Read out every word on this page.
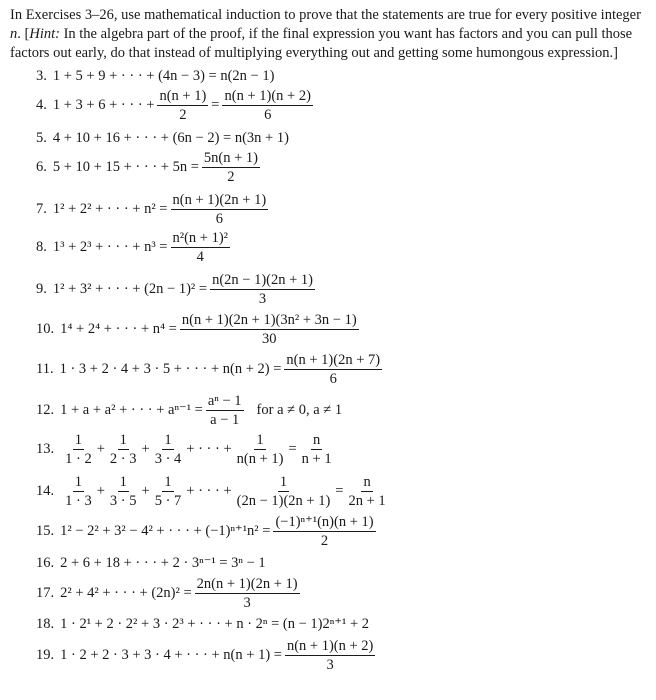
In Exercises 3–26, use mathematical induction to prove that the statements are true for every positive integer n. [Hint: In the algebra part of the proof, if the final expression you want has factors and you can pull those factors out early, do that instead of multiplying everything out and getting some humongous expression.]
3. 1 + 5 + 9 + · · · + (4n − 3) = n(2n − 1)
4. 1 + 3 + 6 + · · · + $\frac{n(n + 1)}{2} = \frac{n(n + 1)(n + 2)}{6}$
5. 4 + 10 + 16 + · · · + (6n − 2) = n(3n + 1)
6. 5 + 10 + 15 + · · · + $5n = \frac{5n(n + 1)}{2}$
7. 1² + 2² + · · · + $n^2 = \frac{n(n + 1)(2n + 1)}{6}$
8. 1³ + 2³ + · · · + $n^3 = \frac{\text{n²(n + 1)²}}{4}$
9. 1² + 3² + · · · + $(2n - 1)^2 = \frac{n(2n - 1)(2n + 1)}{3}$
10. 1⁴ + 2⁴ + · · · + $n^4 = \frac{\text{n(n + 1)(2n + 1)(3n² + 3n − 1)}}{30}$
11. 1 · 3 + 2 · 4 + 3 · 5 + · · · + $n(n + 2) = \frac{n(n + 1)(2n + 7)}{6}$
12. 1 + a + a² + · · · + $a^{n-1} = \frac{\text{aⁿ − 1}}{a - 1}$ for a ≠ 0, a ≠ 1
13. $\frac{1}{1 \cdot 2} + \frac{1}{2 \cdot 3} + \frac{1}{3 \cdot 4}$ + · · · + $\frac{1}{n(n + 1)} = \frac{n}{n + 1}$
14. $\frac{1}{1 \cdot 3} + \frac{1}{3 \cdot 5} + \frac{1}{5 \cdot 7}$ + · · · + $\frac{1}{(2n - 1)(2n + 1)} = \frac{n}{2n + 1}$
15. 1² − 2² + 3² − 4² + · · · + $(-1)^{n+1}n^2 = \frac{\text{(−1)ⁿ⁺¹(n)(n + 1)}}{2}$
16. 2 + 6 + 18 + · · · + 2 · 3ⁿ⁻¹ = 3ⁿ − 1
17. 2² + 4² + · · · + $(2n)^2 = \frac{2n(n + 1)(2n + 1)}{3}$
18. 1 · 2¹ + 2 · 2² + 3 · 2³ + · · · + n · 2ⁿ = (n − 1)2ⁿ⁺¹ + 2
19. 1 · 2 + 2 · 3 + 3 · 4 + · · · + $n(n + 1) = \frac{n(n + 1)(n + 2)}{3}$
